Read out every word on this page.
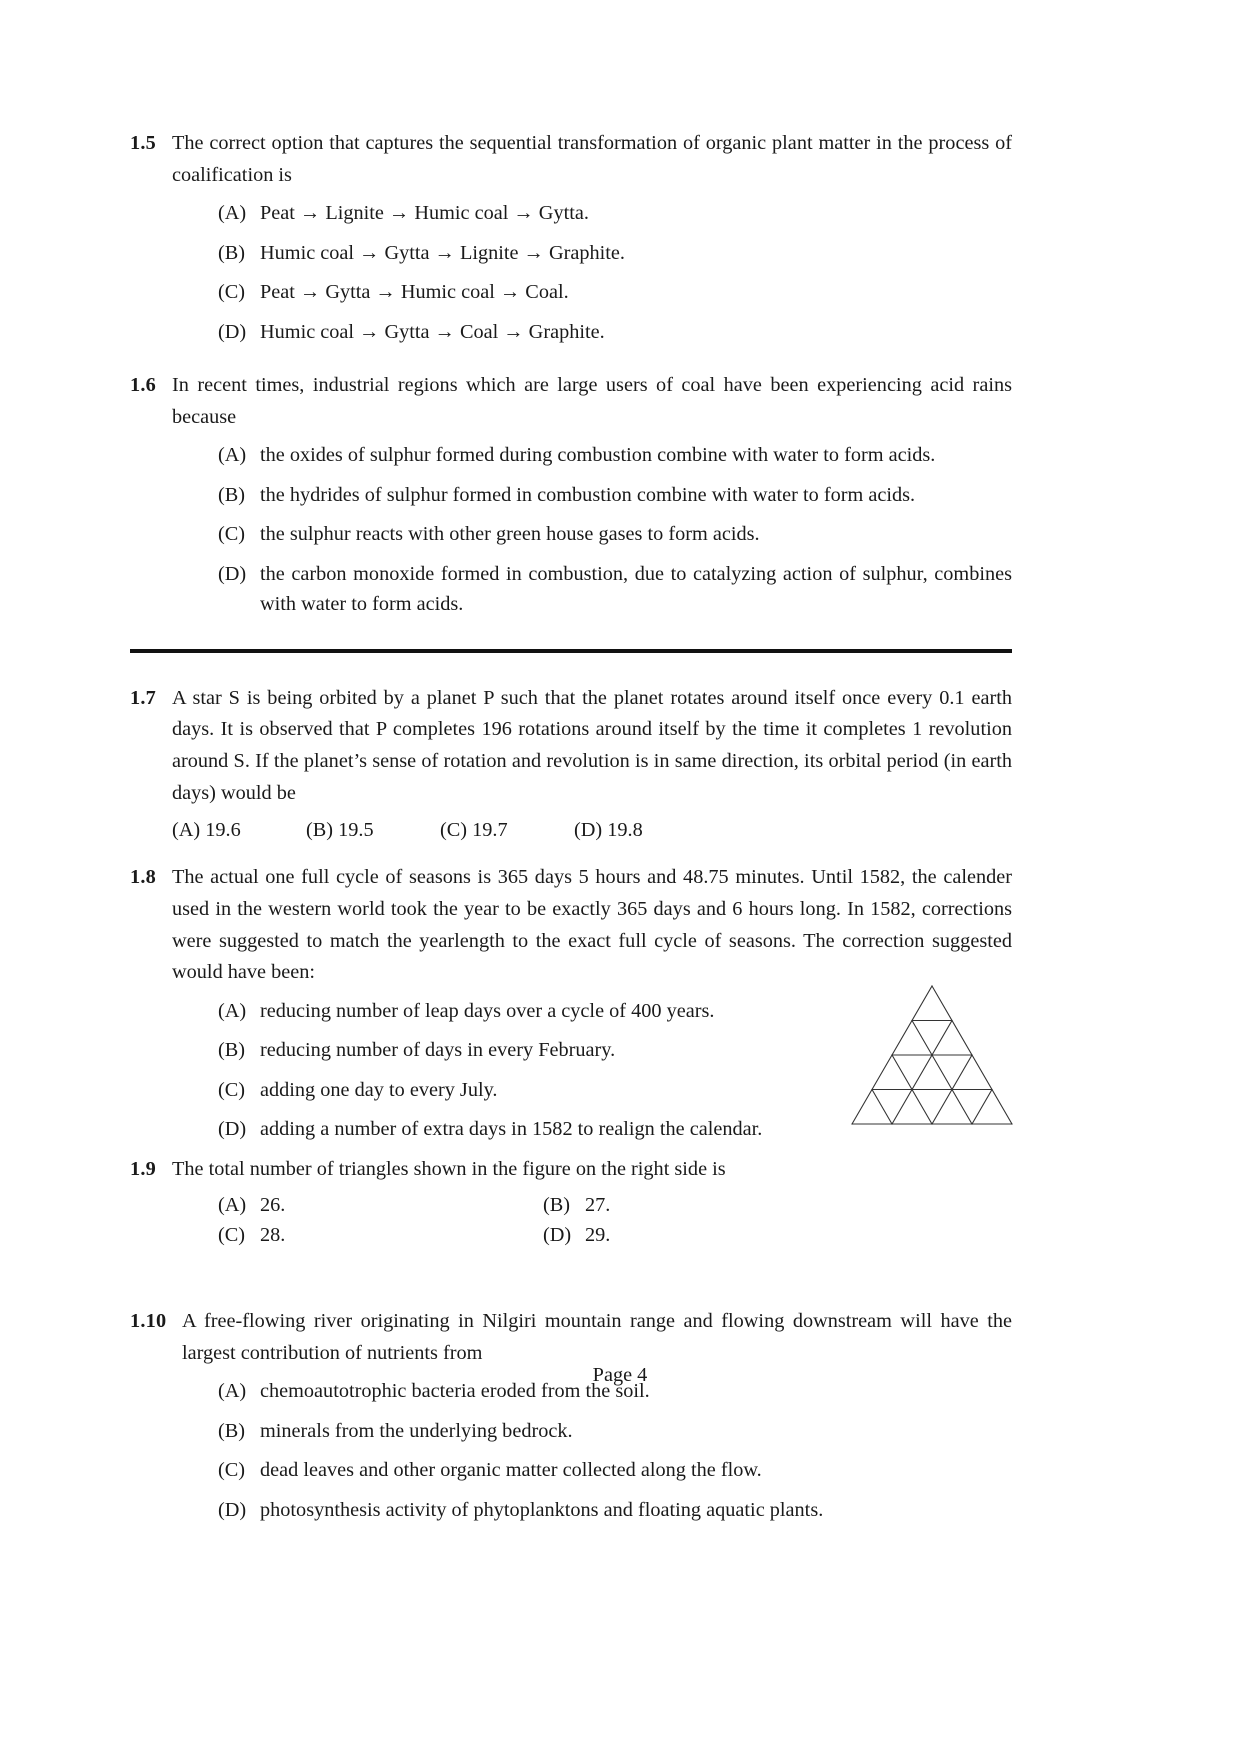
1.5 The correct option that captures the sequential transformation of organic plant matter in the process of coalification is
(A) Peat → Lignite → Humic coal → Gytta.
(B) Humic coal → Gytta → Lignite → Graphite.
(C) Peat → Gytta → Humic coal → Coal.
(D) Humic coal → Gytta → Coal → Graphite.
1.6 In recent times, industrial regions which are large users of coal have been experiencing acid rains because
(A) the oxides of sulphur formed during combustion combine with water to form acids.
(B) the hydrides of sulphur formed in combustion combine with water to form acids.
(C) the sulphur reacts with other green house gases to form acids.
(D) the carbon monoxide formed in combustion, due to catalyzing action of sulphur, combines with water to form acids.
1.7 A star S is being orbited by a planet P such that the planet rotates around itself once every 0.1 earth days. It is observed that P completes 196 rotations around itself by the time it completes 1 revolution around S. If the planet’s sense of rotation and revolution is in same direction, its orbital period (in earth days) would be
(A) 19.6	(B) 19.5	(C) 19.7	(D) 19.8
1.8 The actual one full cycle of seasons is 365 days 5 hours and 48.75 minutes. Until 1582, the calender used in the western world took the year to be exactly 365 days and 6 hours long. In 1582, corrections were suggested to match the yearlength to the exact full cycle of seasons. The correction suggested would have been:
(A) reducing number of leap days over a cycle of 400 years.
(B) reducing number of days in every February.
(C) adding one day to every July.
(D) adding a number of extra days in 1582 to realign the calendar.
1.9 The total number of triangles shown in the figure on the right side is
(A) 26.	(B) 27.
(C) 28.	(D) 29.
1.10 A free-flowing river originating in Nilgiri mountain range and flowing downstream will have the largest contribution of nutrients from
(A) chemoautotrophic bacteria eroded from the soil.
(B) minerals from the underlying bedrock.
(C) dead leaves and other organic matter collected along the flow.
(D) photosynthesis activity of phytoplanktons and floating aquatic plants.
Page 4
